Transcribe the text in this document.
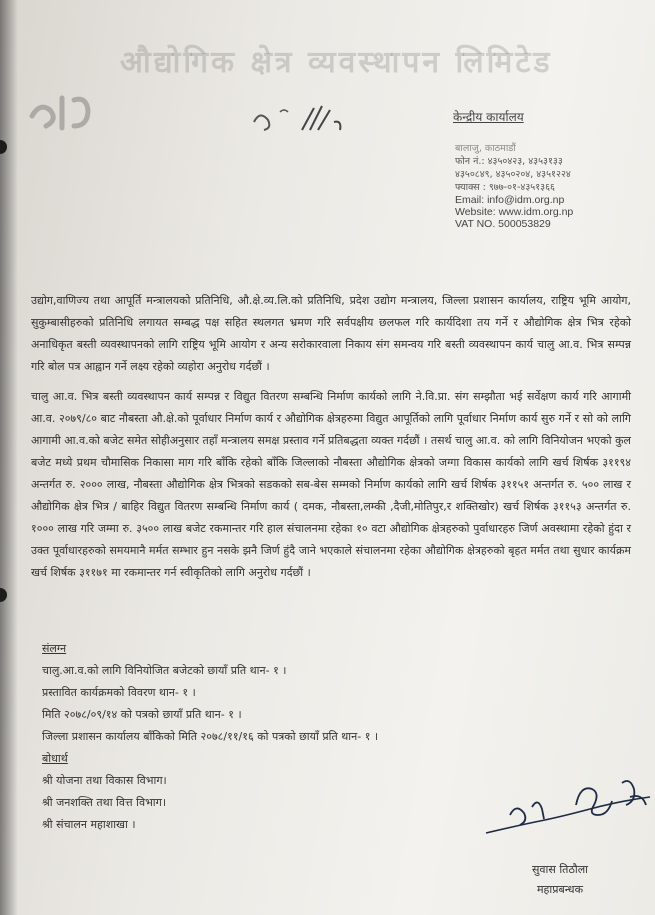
औद्योगिक क्षेत्र व्यवस्थापन लिमिटेड
केन्द्रीय कार्यालय
बालाजु, काठमाडौं
फोन नं.: ४३५०४२३, ४३५३१३३
४३५०८४९, ४३५०२०४, ४३५१२२४
फ्याक्स : ९७७-०१-४३५१३६६
Email: info@idm.org.np
Website: www.idm.org.np
VAT NO. 500053829

उद्योग,वाणिज्य तथा आपूर्ति मन्त्रालयको प्रतिनिधि, औ.क्षे.व्य.लि.को प्रतिनिधि, प्रदेश उद्योग मन्त्रालय, जिल्ला प्रशासन कार्यालय, राष्ट्रिय भूमि आयोग, सुकुम्बासीहरुको प्रतिनिधि लगायत सम्बद्ध पक्ष सहित स्थलगत भ्रमण गरि सर्वपक्षीय छलफल गरि कार्यदिशा तय गर्ने र औद्योगिक क्षेत्र भित्र रहेको अनाधिकृत बस्ती व्यवस्थापनको लागि राष्ट्रिय भूमि आयोग र अन्य सरोकारवाला निकाय संग समन्वय गरि बस्ती व्यवस्थापन कार्य चालु आ.व. भित्र सम्पन्न गरि बोल पत्र आह्वान गर्ने लक्ष्य रहेको व्यहोरा अनुरोध गर्दछौं ।

चालु आ.व. भित्र बस्ती व्यवस्थापन कार्य सम्पन्न र विद्युत वितरण सम्बन्धि निर्माण कार्यको लागि ने.वि.प्रा. संग सम्झौता भई सर्वेक्षण कार्य गरि आगामी आ.व. २०७९/८० बाट नौबस्ता औ.क्षे.को पूर्वाधार निर्माण कार्य र औद्योगिक क्षेत्रहरुमा विद्युत आपूर्तिको लागि पूर्वाधार निर्माण कार्य सुरु गर्ने र सो को लागि आगामी आ.व.को बजेट समेत सोहीअनुसार तहाँ मन्त्रालय समक्ष प्रस्ताव गर्ने प्रतिबद्धता व्यक्त गर्दछौं । तसर्थ चालु आ.व. को लागि विनियोजन भएको कुल बजेट मध्ये प्रथम चौमासिक निकासा माग गरि बाँकि रहेको बाँकि जिल्लाको नौबस्ता औद्योगिक क्षेत्रको जग्गा विकास कार्यको लागि खर्च शिर्षक ३११९४ अन्तर्गत रु. २००० लाख, नौबस्ता औद्योगिक क्षेत्र भित्रको सडकको सब-बेस सम्मको निर्माण कार्यको लागि खर्च शिर्षक ३११५१ अन्तर्गत रु. ५०० लाख र औद्योगिक क्षेत्र भित्र / बाहिर विद्युत वितरण सम्बन्धि निर्माण कार्य ( दमक, नौबस्ता,लम्की ,दैजी,मोतिपुर,र शक्तिखोर) खर्च शिर्षक ३११५३ अन्तर्गत रु. १००० लाख गरि जम्मा रु. ३५०० लाख बजेट रकमान्तर गरि हाल संचालनमा रहेका १० वटा औद्योगिक क्षेत्रहरुको पुर्वाधारहरु जिर्ण अवस्थामा रहेको हुंदा र उक्त पूर्वाधारहरुको समयमानै मर्मत सम्भार हुन नसके झनै जिर्ण हुंदै जाने भएकाले संचालनमा रहेका औद्योगिक क्षेत्रहरुको बृहत मर्मत तथा सुधार कार्यक्रम खर्च शिर्षक ३११७१ मा रकमान्तर गर्न स्वीकृतिको लागि अनुरोध गर्दछौं ।

संलग्न
चालु.आ.व.को लागि विनियोजित बजेटको छायाँ प्रति थान- १ ।
प्रस्तावित कार्यक्रमको विवरण थान- १ ।
मिति २०७८/०९/१४ को पत्रको छायाँ प्रति थान- १ ।
जिल्ला प्रशासन कार्यालय बाँकिको मिति २०७८/११/१६ को पत्रको छायाँ प्रति थान- १ ।
बोधार्थ
श्री योजना तथा विकास विभाग।
श्री जनशक्ति तथा वित्त विभाग।
श्री संचालन महाशाखा ।
सुवास तिठौला
महाप्रबन्धक
